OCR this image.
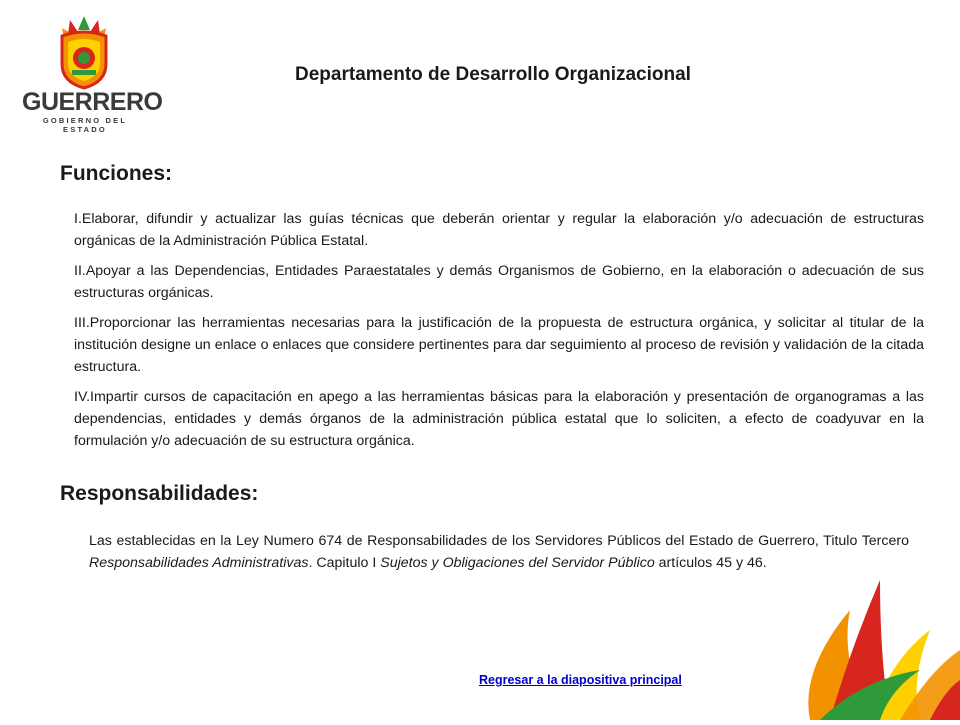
GUERRERO
GOBIERNO DEL ESTADO
Departamento de Desarrollo Organizacional
Funciones:

I.Elaborar, difundir y actualizar las guías técnicas que deberán orientar y regular la elaboración y/o adecuación de estructuras orgánicas de la Administración Pública Estatal.

II.Apoyar a las Dependencias, Entidades Paraestatales y demás Organismos de Gobierno, en la elaboración o adecuación de sus estructuras orgánicas.

III.Proporcionar las herramientas necesarias para la justificación de la propuesta de estructura orgánica, y solicitar al titular de la institución designe un enlace o enlaces que considere pertinentes para dar seguimiento al proceso de revisión y validación de la citada estructura.

IV.Impartir cursos de capacitación en apego a las herramientas básicas para la elaboración y presentación de organogramas a las dependencias, entidades y demás órganos de la administración pública estatal que lo soliciten, a efecto de coadyuvar en la formulación y/o adecuación de su estructura orgánica.

Responsabilidades:

Las establecidas en la Ley Numero 674 de Responsabilidades de los Servidores Públicos del Estado de Guerrero, Titulo Tercero Responsabilidades Administrativas. Capitulo I Sujetos y Obligaciones del Servidor Público artículos 45 y 46.

Regresar a la diapositiva principal
